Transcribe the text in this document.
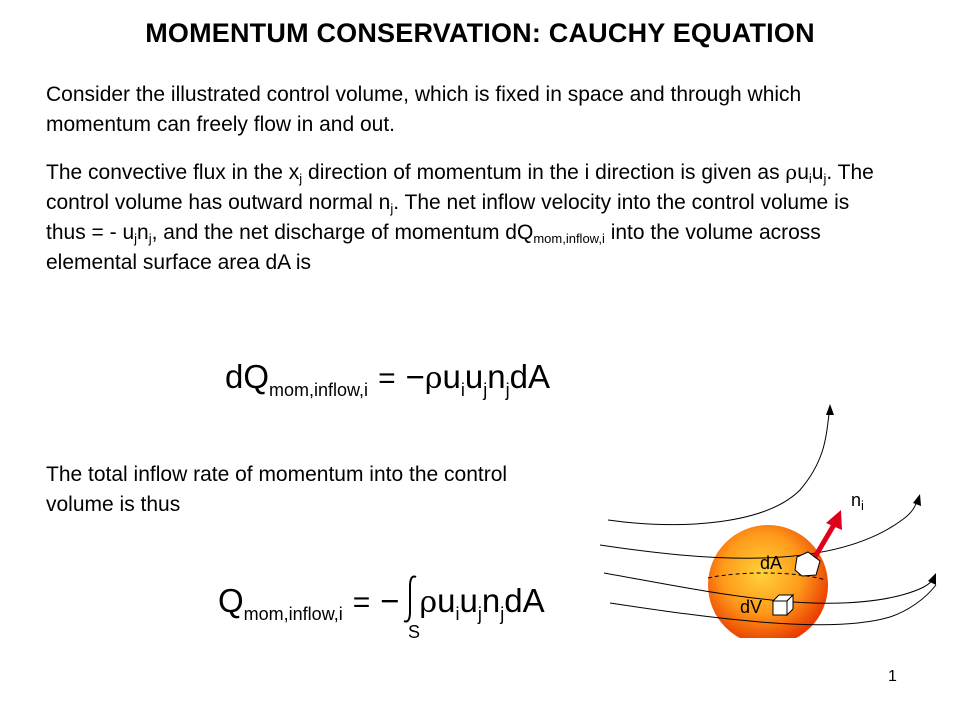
MOMENTUM CONSERVATION: CAUCHY EQUATION
Consider the illustrated control volume, which is fixed in space and through which momentum can freely flow in and out.
The convective flux in the $x_j$ direction of momentum in the i direction is given as $\rho u_iu_j$. The control volume has outward normal $n_j$. The net inflow velocity into the control volume is thus = - $u_jn_j$, and the net discharge of momentum $dQ_{mom,inflow,i}$ into the volume across elemental surface area dA is
$dQ_{mom,inflow,i} = -\rho u_iu_jn_jdA$
The total inflow rate of momentum into the control volume is thus
$Q_{mom,inflow,i}$ = − $\rho u_iu_jn_jdA$
S
$n_i$
dA
dV
1
